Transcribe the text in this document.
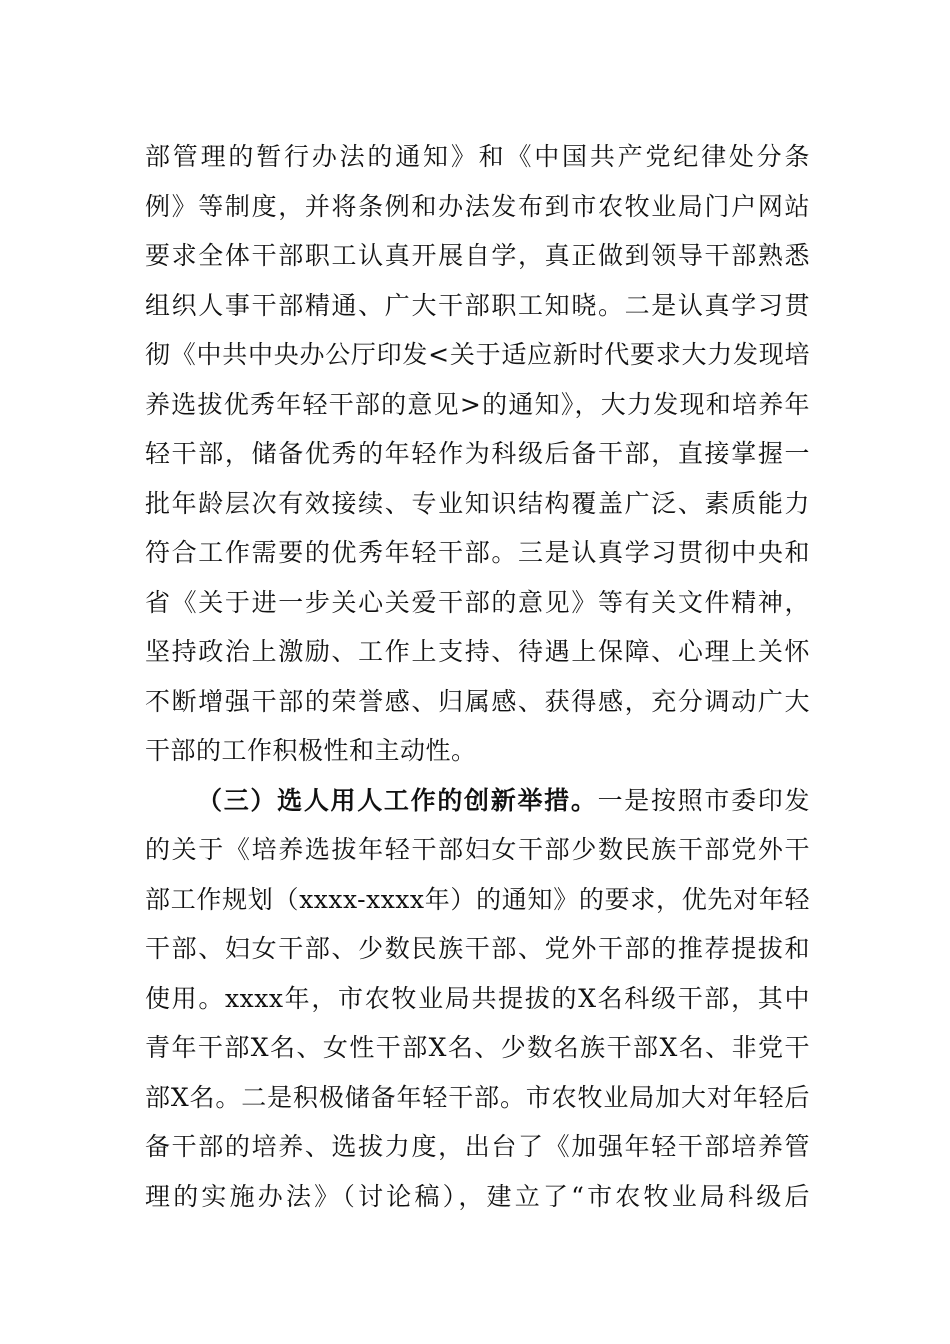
部管理的暂行办法的通知》和《中国共产党纪律处分条
例》等制度，并将条例和办法发布到市农牧业局门户网站
要求全体干部职工认真开展自学，真正做到领导干部熟悉
组织人事干部精通、广大干部职工知晓。二是认真学习贯
彻《中共中央办公厅印发<关于适应新时代要求大力发现培
养选拔优秀年轻干部的意见>的通知》，大力发现和培养年
轻干部，储备优秀的年轻作为科级后备干部，直接掌握一
批年龄层次有效接续、专业知识结构覆盖广泛、素质能力
符合工作需要的优秀年轻干部。三是认真学习贯彻中央和
省《关于进一步关心关爱干部的意见》等有关文件精神，
坚持政治上激励、工作上支持、待遇上保障、心理上关怀
不断增强干部的荣誉感、归属感、获得感，充分调动广大
干部的工作积极性和主动性。
（三）选人用人工作的创新举措。一是按照市委印发
的关于《培养选拔年轻干部妇女干部少数民族干部党外干
部工作规划（xxxx-xxxx年）的通知》的要求，优先对年轻
干部、妇女干部、少数民族干部、党外干部的推荐提拔和
使用。xxxx年，市农牧业局共提拔的X名科级干部，其中
青年干部X名、女性干部X名、少数名族干部X名、非党干
部X名。二是积极储备年轻干部。市农牧业局加大对年轻后
备干部的培养、选拔力度，出台了《加强年轻干部培养管
理的实施办法》（讨论稿），建立了“市农牧业局科级后
